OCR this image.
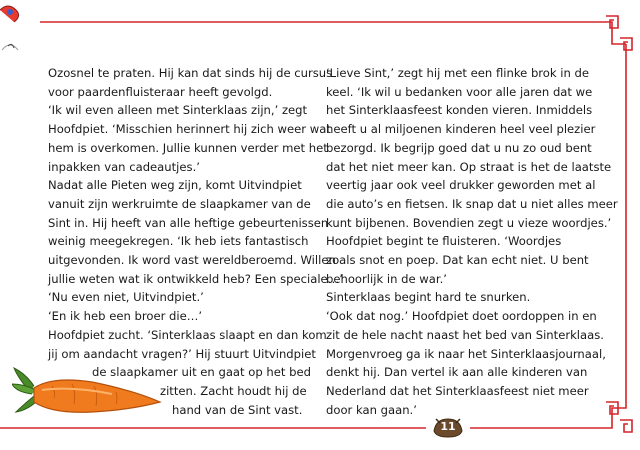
Ozosnel te praten. Hij kan dat sinds hij de cursus

voor paardenfluisteraar heeft gevolgd.

‘Ik wil even alleen met Sinterklaas zijn,’ zegt

Hoofdpiet. ‘Misschien herinnert hij zich weer wat

hem is overkomen. Jullie kunnen verder met het

inpakken van cadeautjes.’

Nadat alle Pieten weg zijn, komt Uitvindpiet

vanuit zijn werkruimte de slaapkamer van de

Sint in. Hij heeft van alle heftige gebeurtenissen

weinig meegekregen. ‘Ik heb iets fantastisch

uitgevonden. Ik word vast wereldberoemd. Willen

jullie weten wat ik ontwikkeld heb? Een speciale…’

‘Nu even niet, Uitvindpiet.’

‘En ik heb een broer die…’

Hoofdpiet zucht. ‘Sinterklaas slaapt en dan kom

jij om aandacht vragen?’ Hij stuurt Uitvindpiet

de slaapkamer uit en gaat op het bed

zitten. Zacht houdt hij de

hand van de Sint vast.

‘Lieve Sint,’ zegt hij met een flinke brok in de

keel. ‘Ik wil u bedanken voor alle jaren dat we

het Sinterklaasfeest konden vieren. Inmiddels

heeft u al miljoenen kinderen heel veel plezier

bezorgd. Ik begrijp goed dat u nu zo oud bent

dat het niet meer kan. Op straat is het de laatste

veertig jaar ook veel drukker geworden met al

die auto’s en fietsen. Ik snap dat u niet alles meer

kunt bijbenen. Bovendien zegt u vieze woordjes.’

Hoofdpiet begint te fluisteren. ‘Woordjes

zoals snot en poep. Dat kan echt niet. U bent

behoorlijk in de war.’

Sinterklaas begint hard te snurken.

‘Ook dat nog.’ Hoofdpiet doet oordoppen in en

zit de hele nacht naast het bed van Sinterklaas.

Morgenvroeg ga ik naar het Sinterklaasjournaal,

denkt hij. Dan vertel ik aan alle kinderen van

Nederland dat het Sinterklaasfeest niet meer

door kan gaan.’

11
